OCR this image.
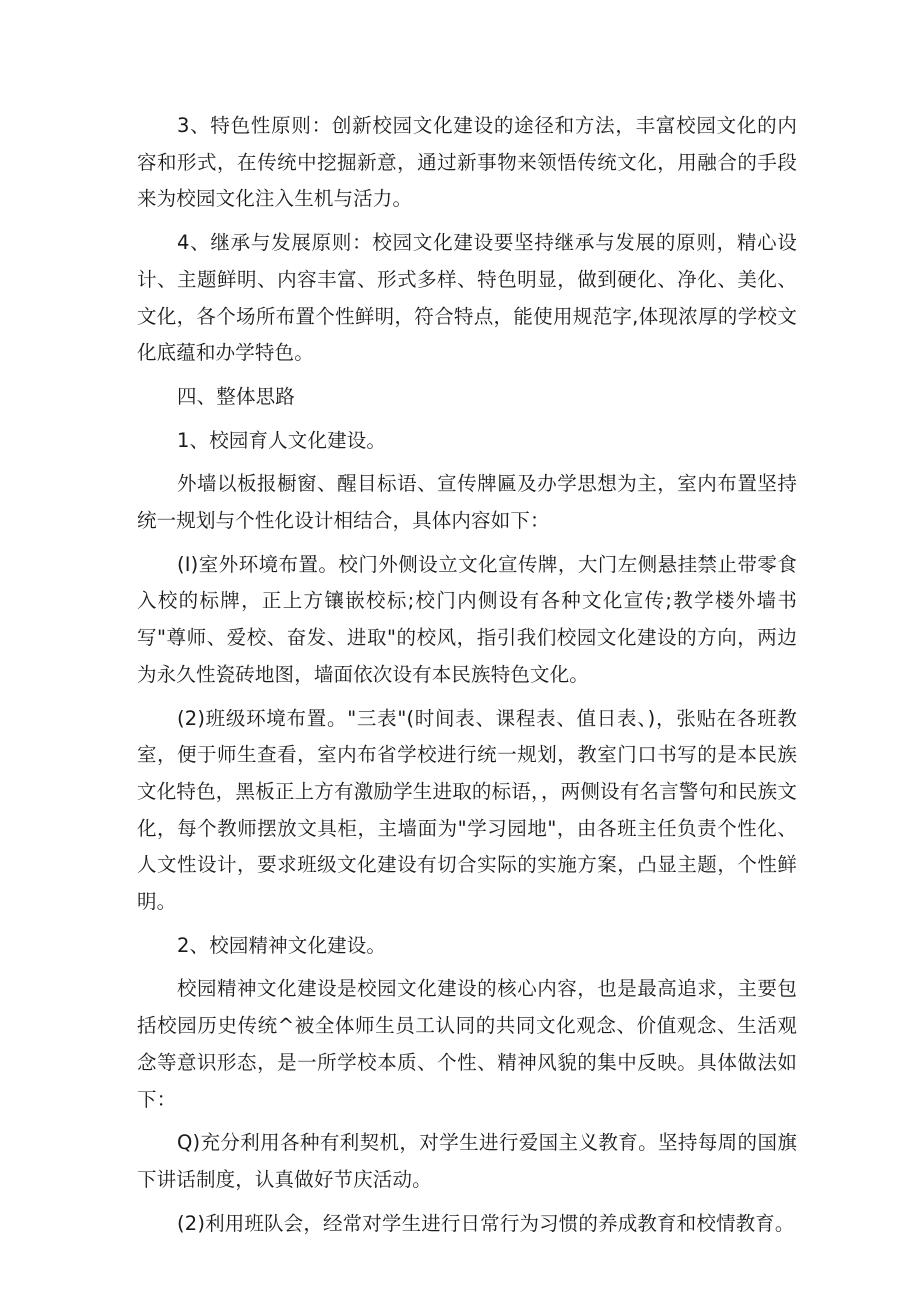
3、特色性原则：创新校园文化建设的途径和方法，丰富校园文化的内容和形式，在传统中挖掘新意，通过新事物来领悟传统文化，用融合的手段来为校园文化注入生机与活力。

4、继承与发展原则：校园文化建设要坚持继承与发展的原则，精心设计、主题鲜明、内容丰富、形式多样、特色明显，做到硬化、净化、美化、文化，各个场所布置个性鲜明，符合特点，能使用规范字,体现浓厚的学校文化底蕴和办学特色。

四、整体思路

1、校园育人文化建设。

外墙以板报橱窗、醒目标语、宣传牌匾及办学思想为主，室内布置坚持统一规划与个性化设计相结合，具体内容如下：

(I)室外环境布置。校门外侧设立文化宣传牌，大门左侧悬挂禁止带零食入校的标牌，正上方镶嵌校标;校门内侧设有各种文化宣传;教学楼外墙书写"尊师、爱校、奋发、进取"的校风，指引我们校园文化建设的方向，两边为永久性瓷砖地图，墙面依次设有本民族特色文化。

(2)班级环境布置。"三表"(时间表、课程表、值日表、)，张贴在各班教室，便于师生查看，室内布省学校进行统一规划，教室门口书写的是本民族文化特色，黑板正上方有激励学生进取的标语，，两侧设有名言警句和民族文化，每个教师摆放文具柜，主墙面为"学习园地"，由各班主任负责个性化、人文性设计，要求班级文化建设有切合实际的实施方案，凸显主题，个性鲜明。

2、校园精神文化建设。

校园精神文化建设是校园文化建设的核心内容，也是最高追求，主要包括校园历史传统^被全体师生员工认同的共同文化观念、价值观念、生活观念等意识形态，是一所学校本质、个性、精神风貌的集中反映。具体做法如下：

Q)充分利用各种有利契机，对学生进行爱国主义教育。坚持每周的国旗下讲话制度，认真做好节庆活动。

(2)利用班队会，经常对学生进行日常行为习惯的养成教育和校情教育。
